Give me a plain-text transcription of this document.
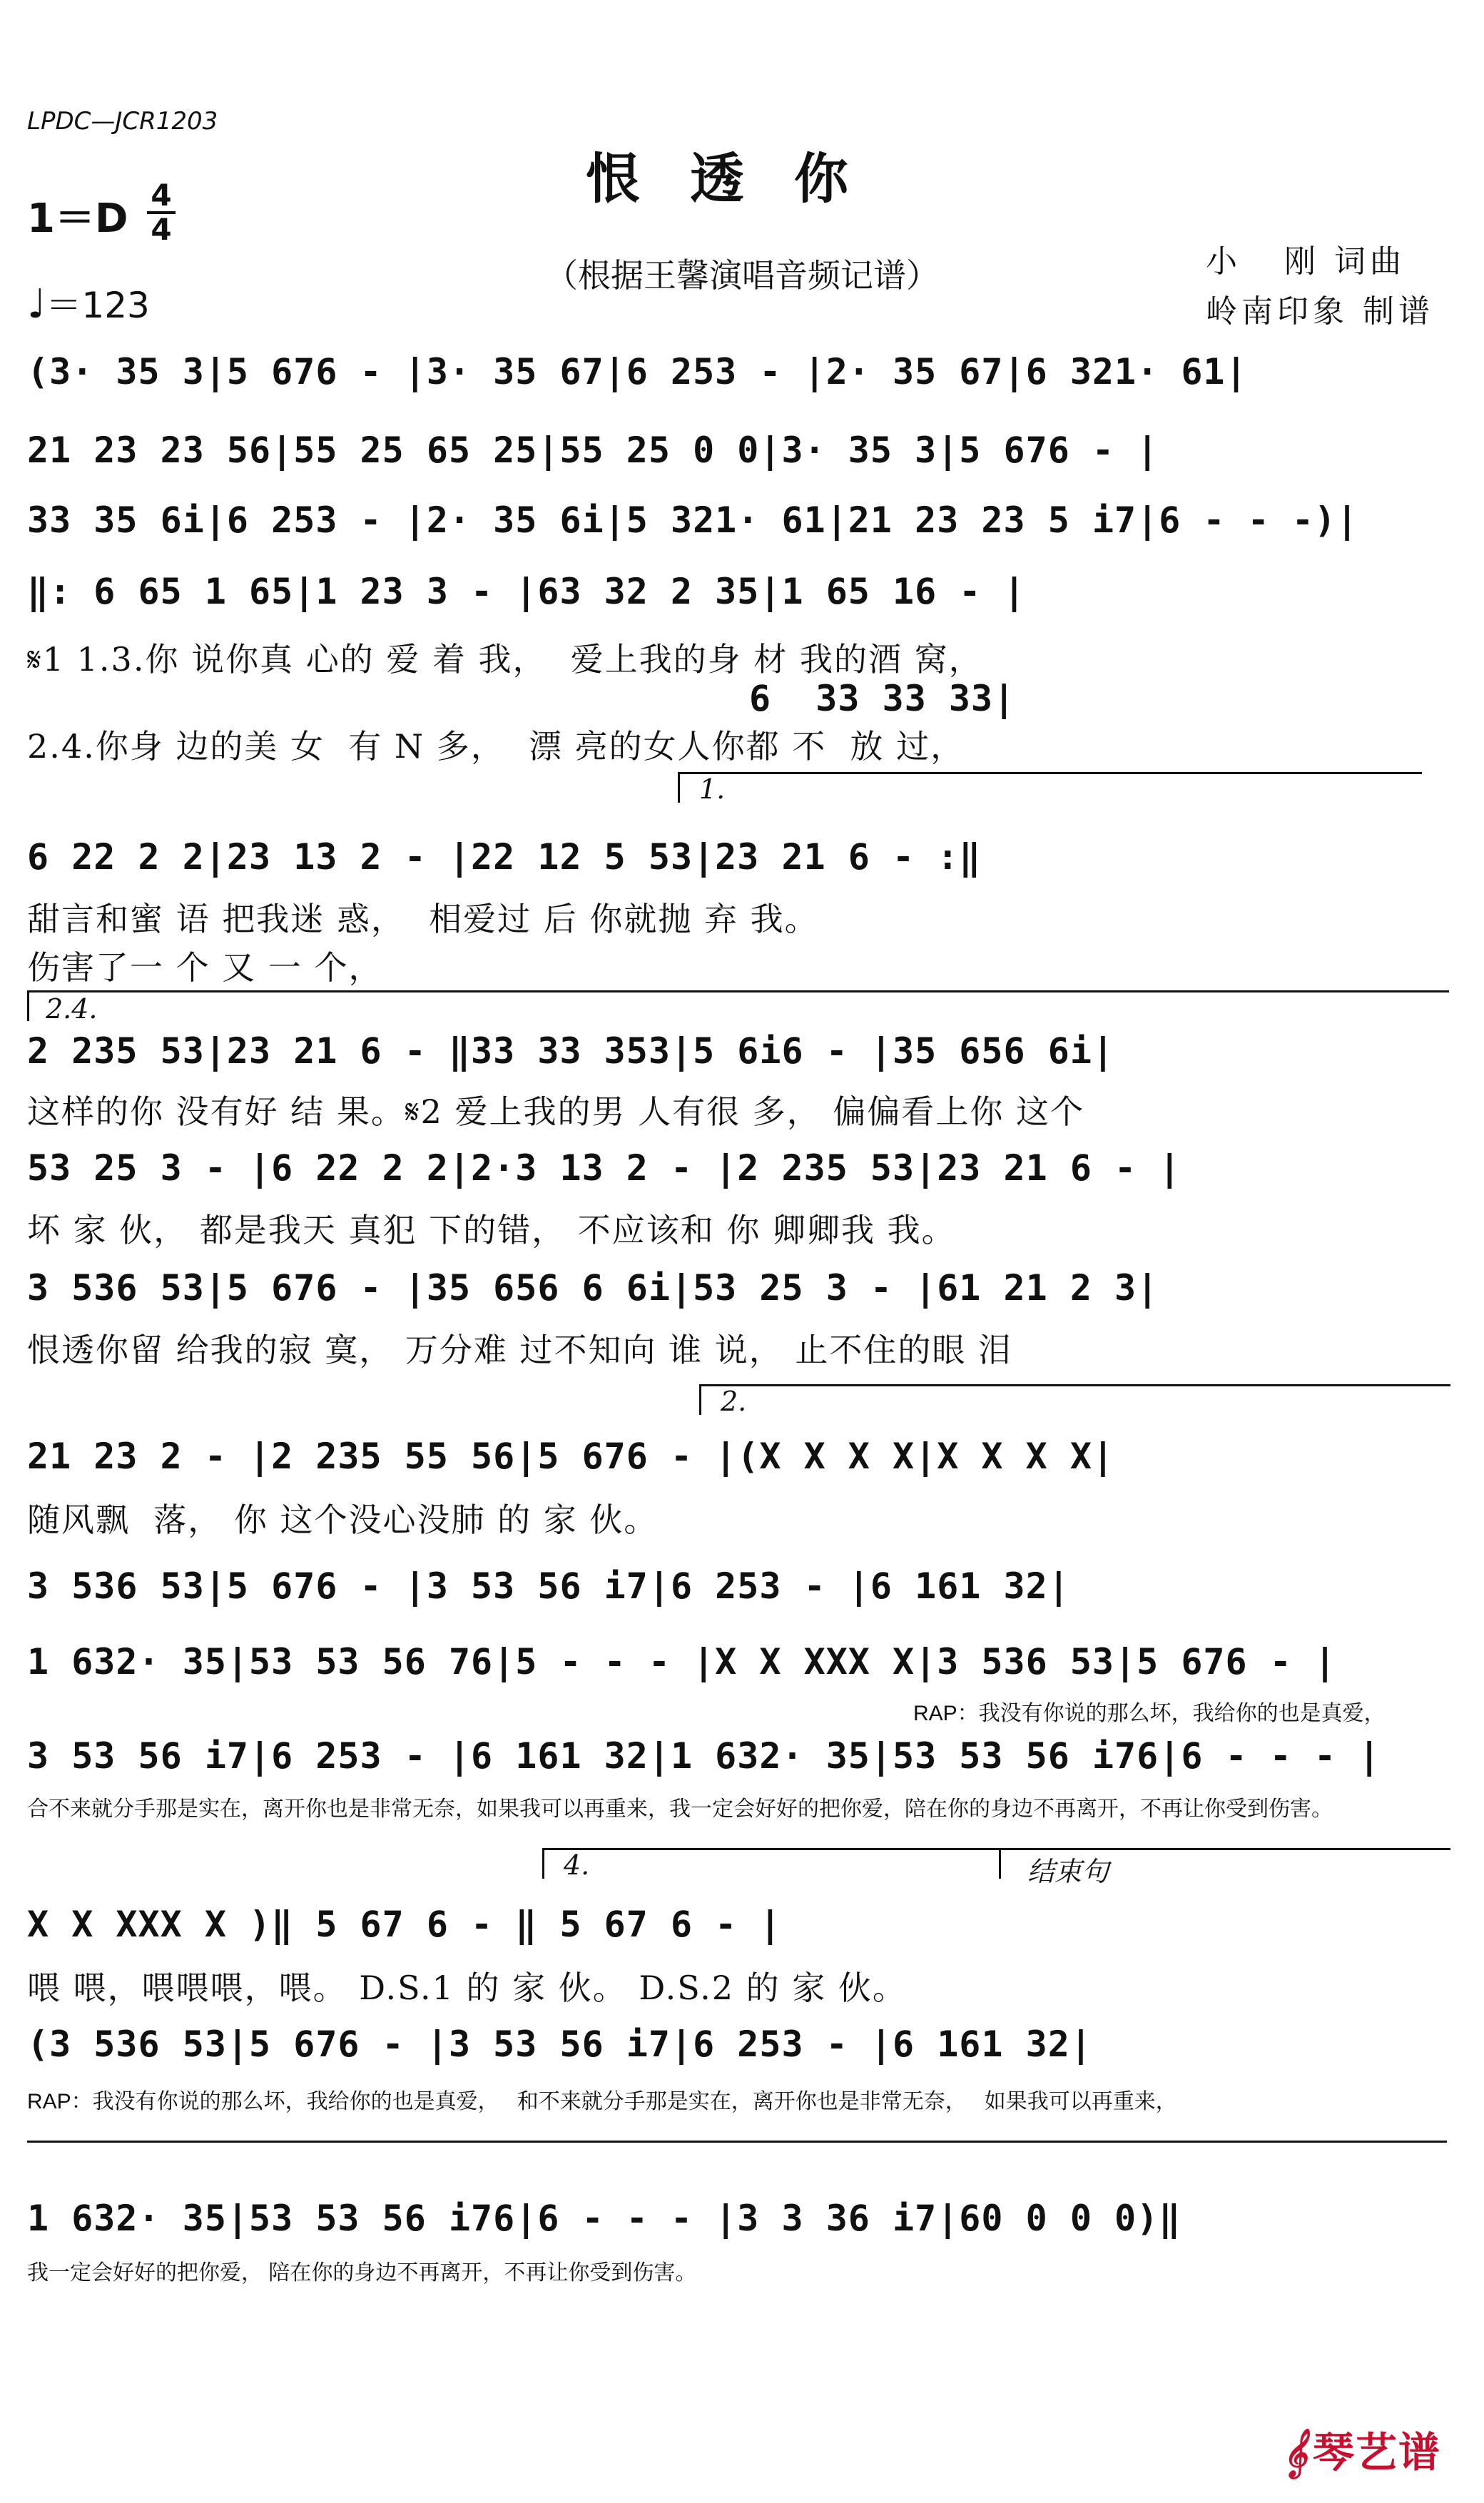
LPDC—JCR1203
恨透你
（根据王馨演唱音频记谱）
1＝D
4
4
♩＝123
小   刚 词曲
岭南印象 制谱
(3· 35 3|5 676 - |3· 35 67|6 253 - |2· 35 67|6 321· 61|
21 23 23 56|55 25 65 25|55 25 0 0|3· 35 3|5 676 - |
33 35 6i|6 253 - |2· 35 6i|5 321· 61|21 23 23 5 i7|6 - - -)|
‖: 6 65 1 65|1 23 3 - |63 32 2 35|1 65 16 - |
𝄋1 1.3.你 说你真 心的 爱 着 我，  爱上我的身 材 我的酒 窝，
6  33 33 33|
2.4.你身 边的美 女  有 N 多，  漂 亮的女人你都 不  放 过，
1.
6 22 2 2|23 13 2 - |22 12 5 53|23 21 6 - :‖
甜言和蜜 语 把我迷 惑，  相爱过 后 你就抛 弃 我。
伤害了一 个 又 一 个，
2.4.
2 235 53|23 21 6 - ‖33 33 353|5 6i6 - |35 656 6i|
这样的你 没有好 结 果。𝄋2 爱上我的男 人有很 多， 偏偏看上你 这个
53 25 3 - |6 22 2 2|2·3 13 2 - |2 235 53|23 21 6 - |
坏 家 伙， 都是我天 真犯 下的错， 不应该和 你 卿卿我 我。
3 536 53|5 676 - |35 656 6 6i|53 25 3 - |61 21 2 3|
恨透你留 给我的寂 寞， 万分难 过不知向 谁 说， 止不住的眼 泪
2.
21 23 2 - |2 235 55 56|5 676 - |(X X X X|X X X X|
随风飘  落， 你 这个没心没肺 的 家 伙。
3 536 53|5 676 - |3 53 56 i7|6 253 - |6 161 32|
1 632· 35|53 53 56 76|5 - - - |X X XXX X|3 536 53|5 676 - |
RAP：我没有你说的那么坏，我给你的也是真爱，
3 53 56 i7|6 253 - |6 161 32|1 632· 35|53 53 56 i76|6 - - - |
合不来就分手那是实在，离开你也是非常无奈，如果我可以再重来，我一定会好好的把你爱，陪在你的身边不再离开，不再让你受到伤害。
4.	结束句
X X XXX X )‖ 5 67 6 - ‖ 5 67 6 - |
喂 喂，喂喂喂，喂。 D.S.1 的 家 伙。 D.S.2 的 家 伙。
(3 536 53|5 676 - |3 53 56 i7|6 253 - |6 161 32|
RAP：我没有你说的那么坏，我给你的也是真爱，   和不来就分手那是实在，离开你也是非常无奈，   如果我可以再重来，
1 632· 35|53 53 56 i76|6 - - - |3 3 36 i7|60 0 0 0)‖
我一定会好好的把你爱， 陪在你的身边不再离开，不再让你受到伤害。
𝄞 琴艺谱
